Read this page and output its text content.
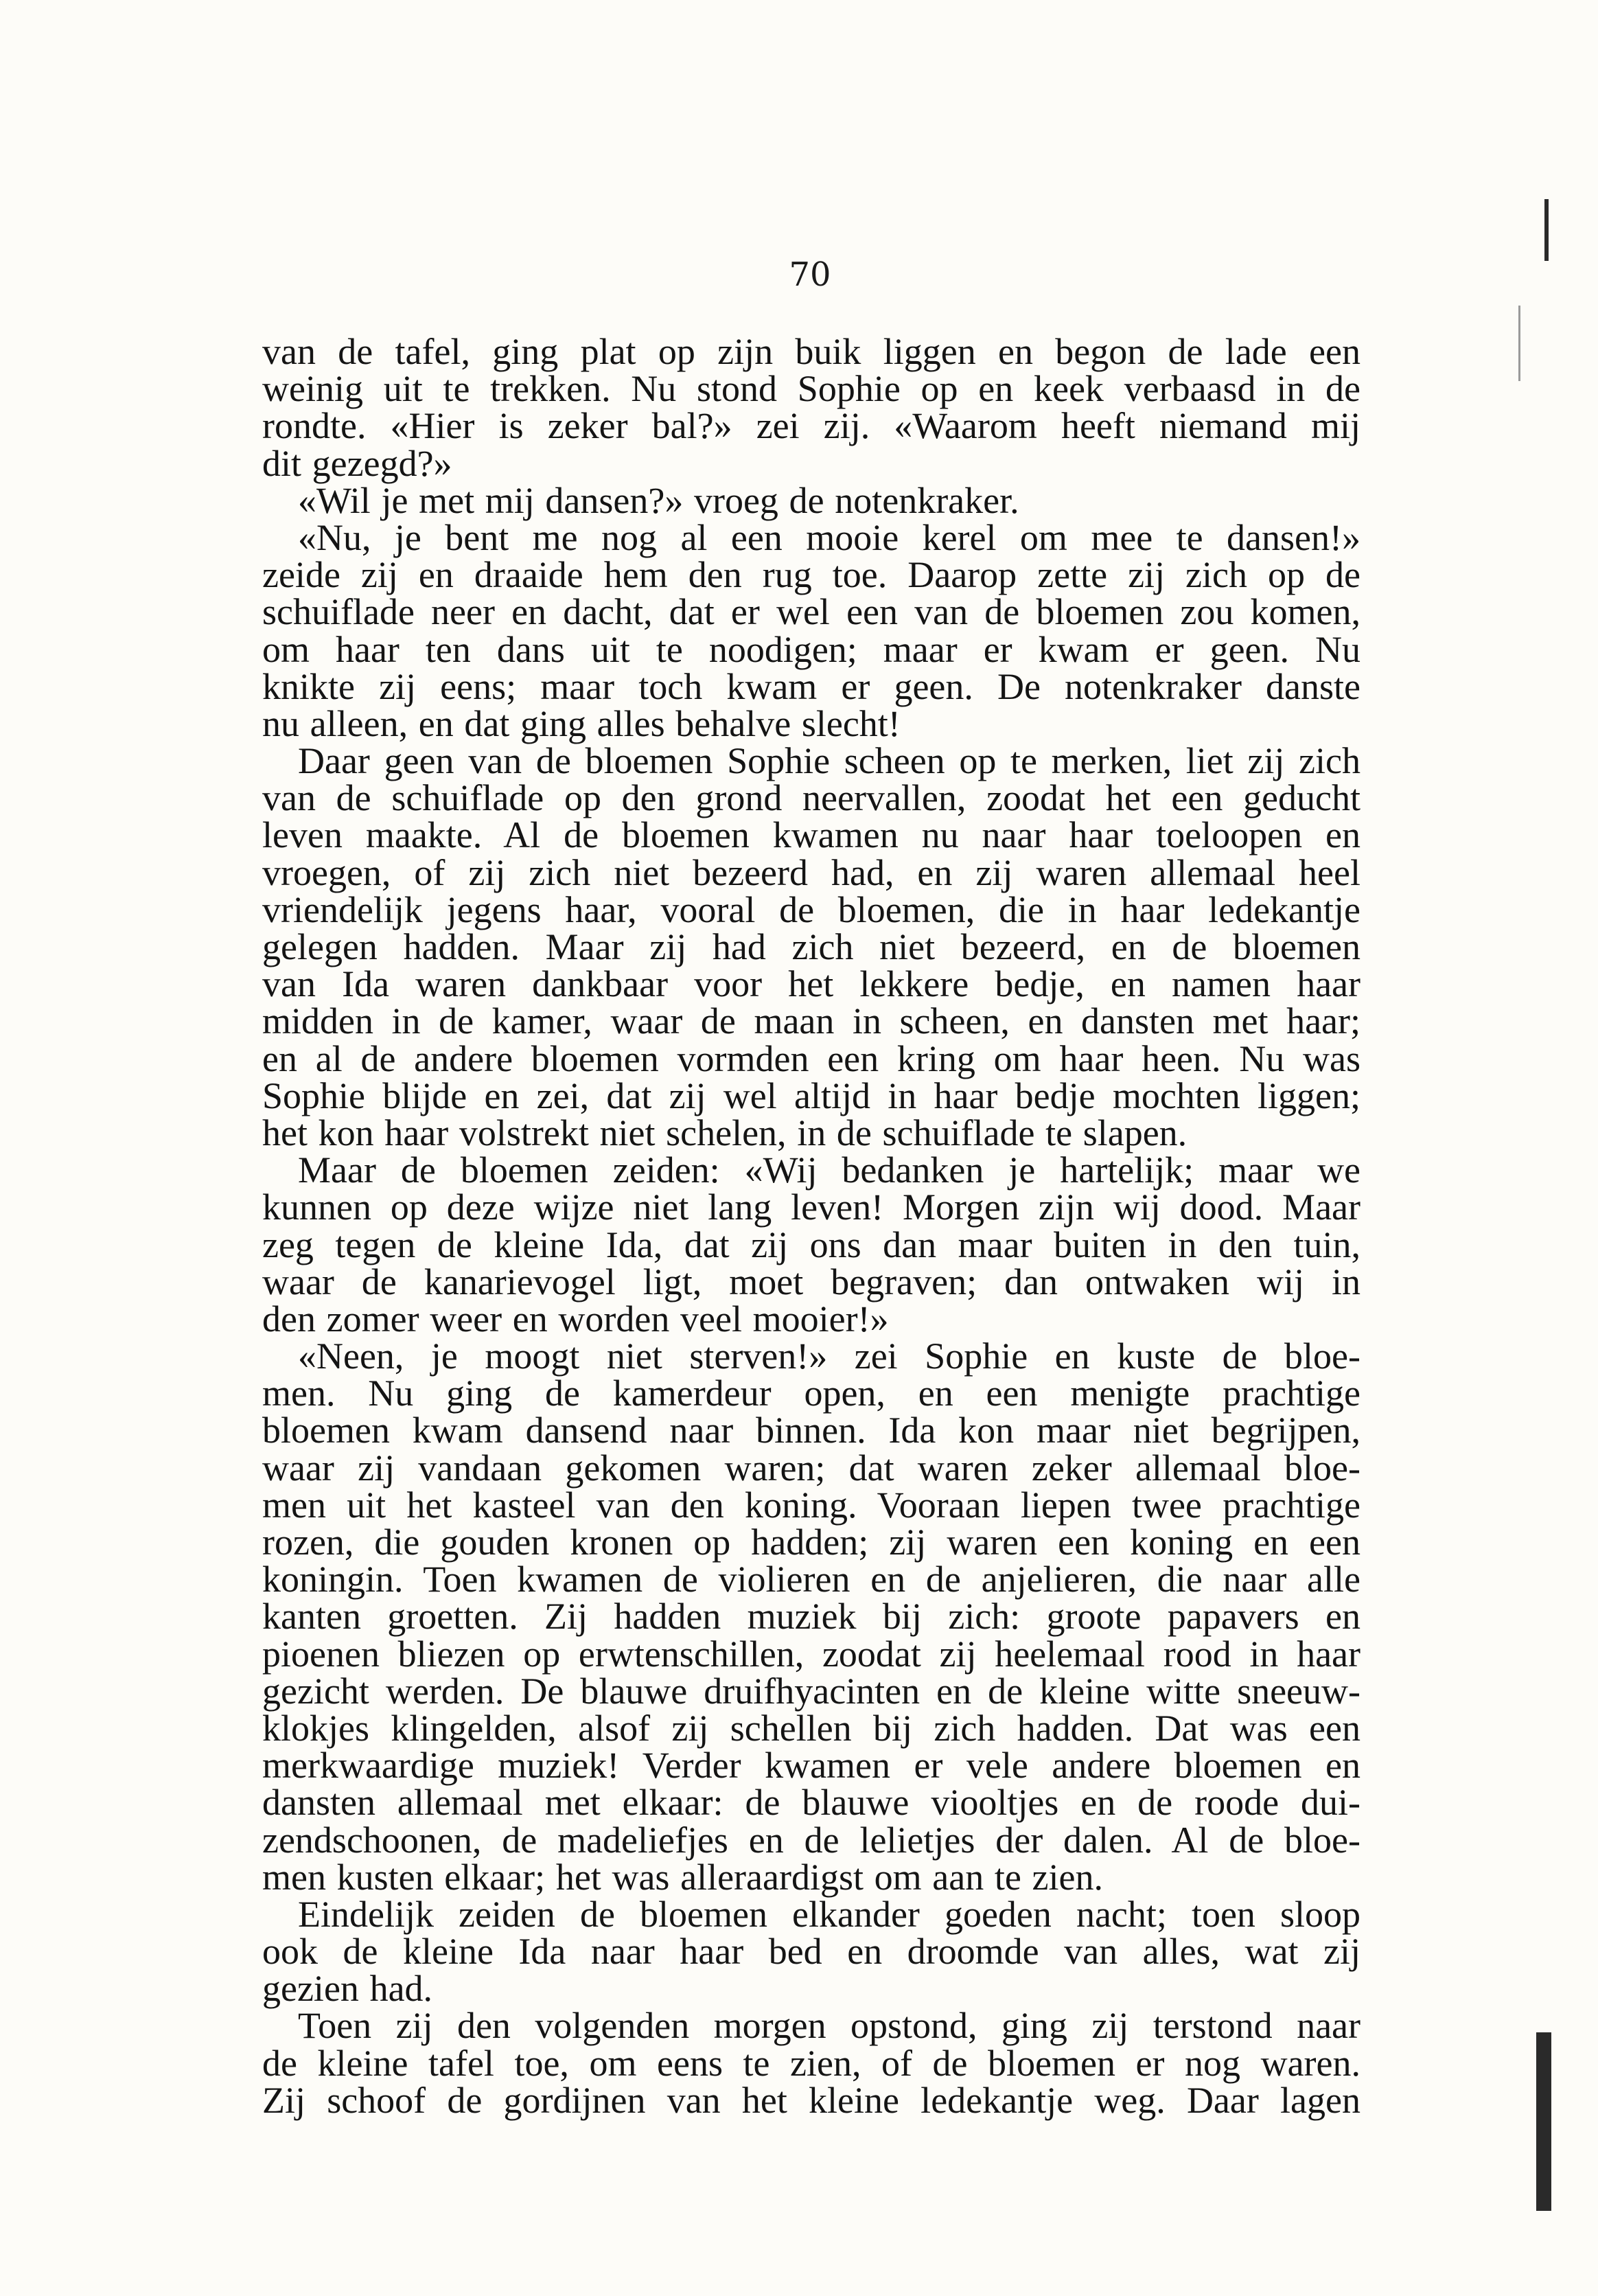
70
van de tafel, ging plat op zijn buik liggen en begon de lade een
weinig uit te trekken. Nu stond Sophie op en keek verbaasd in de
rondte. «Hier is zeker bal?» zei zij. «Waarom heeft niemand mij
dit gezegd?»
«Wil je met mij dansen?» vroeg de notenkraker.
«Nu, je bent me nog al een mooie kerel om mee te dansen!»
zeide zij en draaide hem den rug toe. Daarop zette zij zich op de
schuiflade neer en dacht, dat er wel een van de bloemen zou komen,
om haar ten dans uit te noodigen; maar er kwam er geen. Nu
knikte zij eens; maar toch kwam er geen. De notenkraker danste
nu alleen, en dat ging alles behalve slecht!
Daar geen van de bloemen Sophie scheen op te merken, liet zij zich
van de schuiflade op den grond neervallen, zoodat het een geducht
leven maakte. Al de bloemen kwamen nu naar haar toeloopen en
vroegen, of zij zich niet bezeerd had, en zij waren allemaal heel
vriendelijk jegens haar, vooral de bloemen, die in haar ledekantje
gelegen hadden. Maar zij had zich niet bezeerd, en de bloemen
van Ida waren dankbaar voor het lekkere bedje, en namen haar
midden in de kamer, waar de maan in scheen, en dansten met haar;
en al de andere bloemen vormden een kring om haar heen. Nu was
Sophie blijde en zei, dat zij wel altijd in haar bedje mochten liggen;
het kon haar volstrekt niet schelen, in de schuiflade te slapen.
Maar de bloemen zeiden: «Wij bedanken je hartelijk; maar we
kunnen op deze wijze niet lang leven! Morgen zijn wij dood. Maar
zeg tegen de kleine Ida, dat zij ons dan maar buiten in den tuin,
waar de kanarievogel ligt, moet begraven; dan ontwaken wij in
den zomer weer en worden veel mooier!»
«Neen, je moogt niet sterven!» zei Sophie en kuste de bloe-
men. Nu ging de kamerdeur open, en een menigte prachtige
bloemen kwam dansend naar binnen. Ida kon maar niet begrijpen,
waar zij vandaan gekomen waren; dat waren zeker allemaal bloe-
men uit het kasteel van den koning. Vooraan liepen twee prachtige
rozen, die gouden kronen op hadden; zij waren een koning en een
koningin. Toen kwamen de violieren en de anjelieren, die naar alle
kanten groetten. Zij hadden muziek bij zich: groote papavers en
pioenen bliezen op erwtenschillen, zoodat zij heelemaal rood in haar
gezicht werden. De blauwe druifhyacinten en de kleine witte sneeuw-
klokjes klingelden, alsof zij schellen bij zich hadden. Dat was een
merkwaardige muziek! Verder kwamen er vele andere bloemen en
dansten allemaal met elkaar: de blauwe viooltjes en de roode dui-
zendschoonen, de madeliefjes en de lelietjes der dalen. Al de bloe-
men kusten elkaar; het was alleraardigst om aan te zien.
Eindelijk zeiden de bloemen elkander goeden nacht; toen sloop
ook de kleine Ida naar haar bed en droomde van alles, wat zij
gezien had.
Toen zij den volgenden morgen opstond, ging zij terstond naar
de kleine tafel toe, om eens te zien, of de bloemen er nog waren.
Zij schoof de gordijnen van het kleine ledekantje weg. Daar lagen
